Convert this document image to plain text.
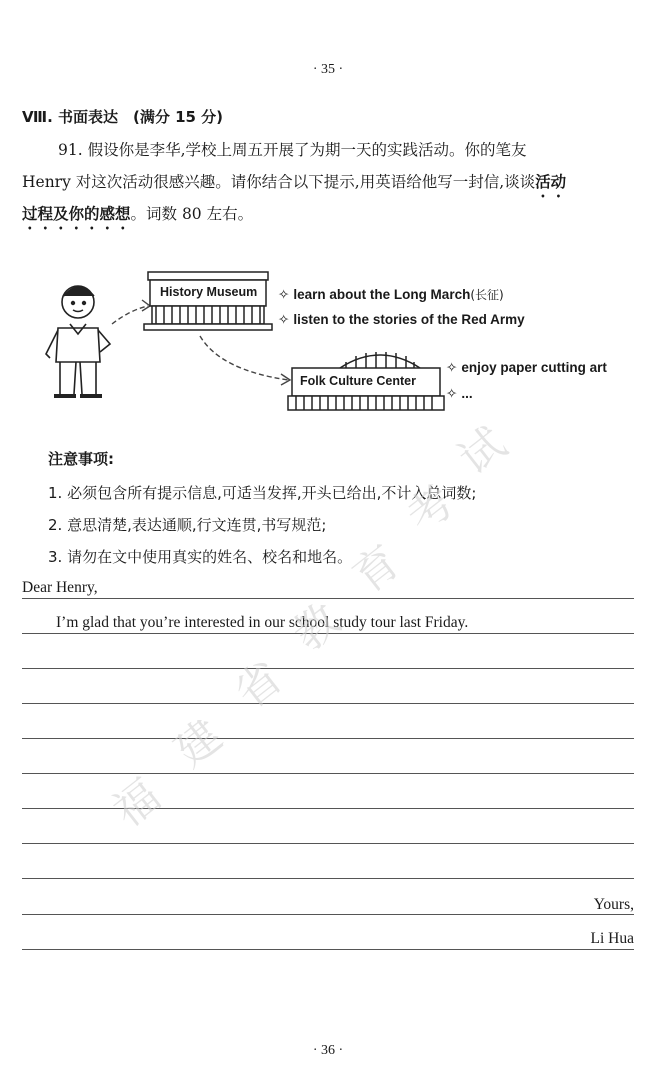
· 35 ·
Ⅷ. 书面表达　(满分 15 分)
91. 假设你是李华,学校上周五开展了为期一天的实践活动。你的笔友
Henry 对这次活动很感兴趣。请你结合以下提示,用英语给他写一封信,谈谈活动
过程及你的感想。词数 80 左右。
History Museum
Folk Culture Center
✧ learn about the Long March(长征)
✧ listen to the stories of the Red Army
✧ enjoy paper cutting art
✧ ...
注意事项:
1. 必须包含所有提示信息,可适当发挥,开头已给出,不计入总词数;
2. 意思清楚,表达通顺,行文连贯,书写规范;
3. 请勿在文中使用真实的姓名、校名和地名。
Dear Henry,
I’m glad that you’re interested in our school study tour last Friday.
Yours,
Li Hua
福
建
省
教
育
考
试
· 36 ·
